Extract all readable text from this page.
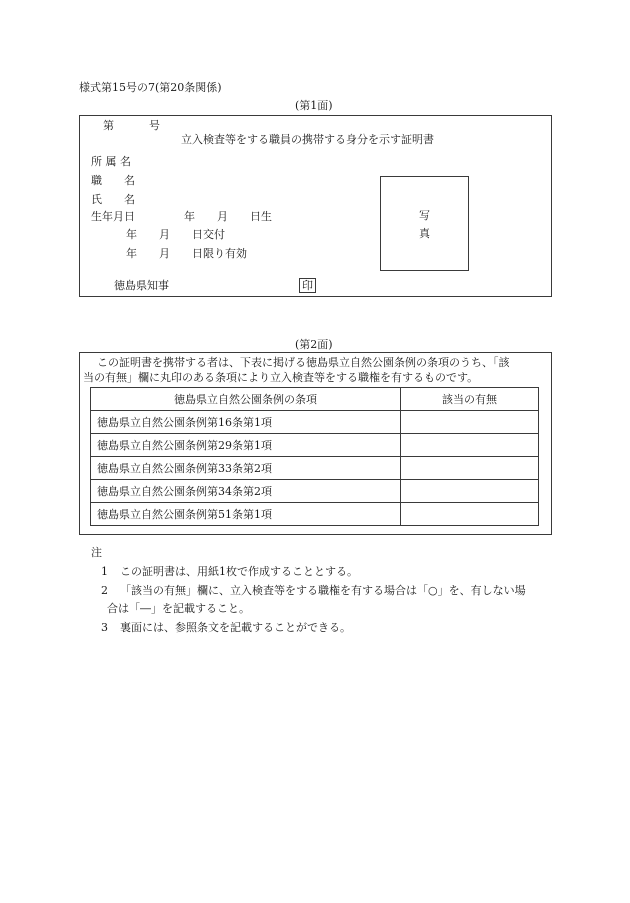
様式第15号の7(第20条関係)
(第1面)
第	号
立入検査等をする職員の携帯する身分を示す証明書
所 属 名
職　　名
氏　　名
生年月日	年　　月　　日生
年　　月　　日交付
年　　月　　日限り有効
写
真
徳島県知事	印
(第2面)
この証明書を携帯する者は、下表に掲げる徳島県立自然公園条例の条項のうち、「該
当の有無」欄に丸印のある条項により立入検査等をする職権を有するものです。
徳島県立自然公園条例の条項	該当の有無
徳島県立自然公園条例第16条第1項	
徳島県立自然公園条例第29条第1項	
徳島県立自然公園条例第33条第2項	
徳島県立自然公園条例第34条第2項	
徳島県立自然公園条例第51条第1項	
注
1 この証明書は、用紙1枚で作成することとする。
2 「該当の有無」欄に、立入検査等をする職権を有する場合は「○」を、有しない場
合は「―」を記載すること。
3 裏面には、参照条文を記載することができる。
